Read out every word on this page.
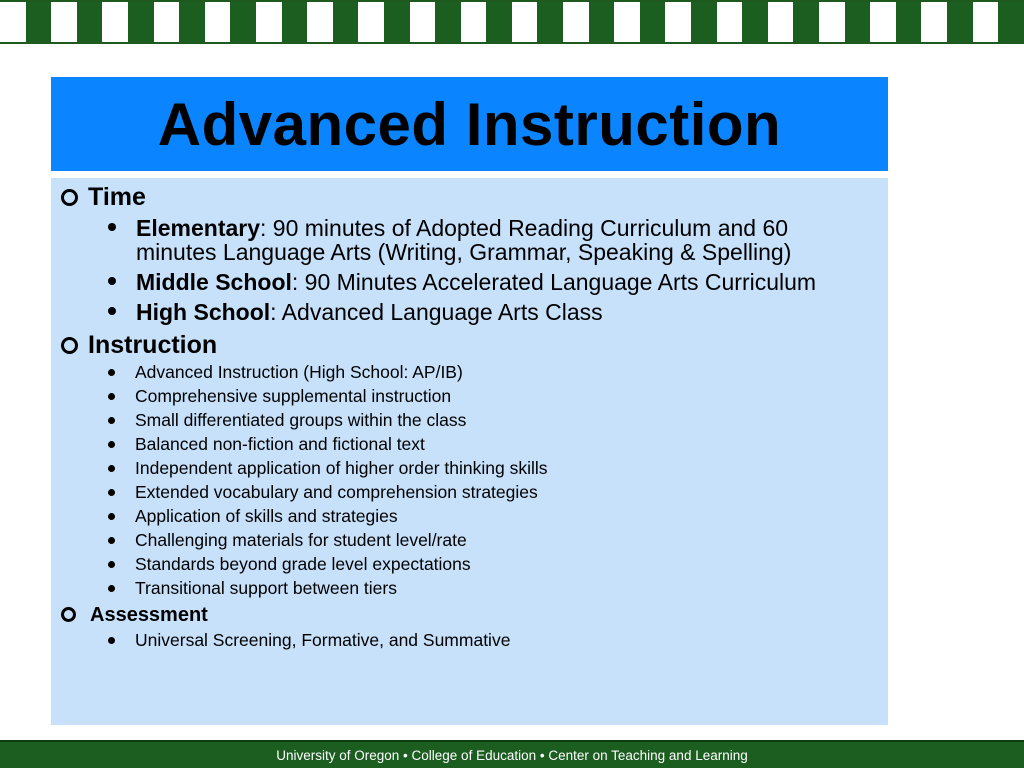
Advanced Instruction
Time
Elementary: 90 minutes of Adopted Reading Curriculum and 60 minutes Language Arts (Writing, Grammar, Speaking & Spelling)
Middle School: 90 Minutes Accelerated Language Arts Curriculum
High School: Advanced Language Arts Class
Instruction
Advanced Instruction (High School: AP/IB)
Comprehensive supplemental instruction
Small differentiated groups within the class
Balanced non-fiction and fictional text
Independent application of higher order thinking skills
Extended vocabulary and comprehension strategies
Application of skills and strategies
Challenging materials for student level/rate
Standards beyond grade level expectations
Transitional support between tiers
Assessment
Universal Screening, Formative, and Summative
University of Oregon • College of Education • Center on Teaching and Learning
